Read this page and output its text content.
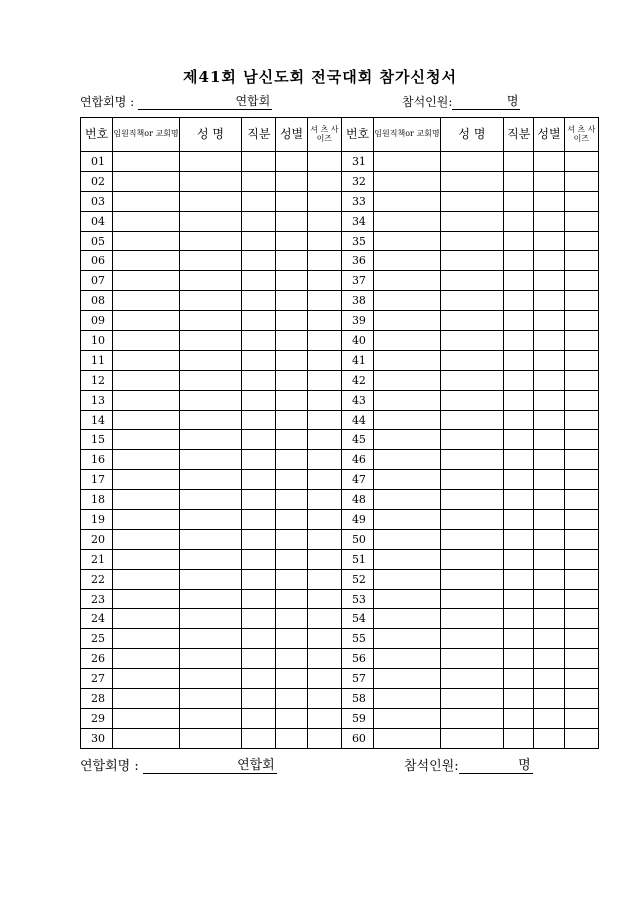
제41회 남신도회 전국대회 참가신청서
연합회명 :	연합회	참석인원:	명
번호	임원직책or 교회명	성 명	직분	성별	셔 츠 사이즈	번호	임원직책or 교회명	성 명	직분	성별	셔 츠 사이즈
01						31					
02						32					
03						33					
04						34					
05						35					
06						36					
07						37					
08						38					
09						39					
10						40					
11						41					
12						42					
13						43					
14						44					
15						45					
16						46					
17						47					
18						48					
19						49					
20						50					
21						51					
22						52					
23						53					
24						54					
25						55					
26						56					
27						57					
28						58					
29						59					
30						60					
연합회명 :	연합회	참석인원:	명
